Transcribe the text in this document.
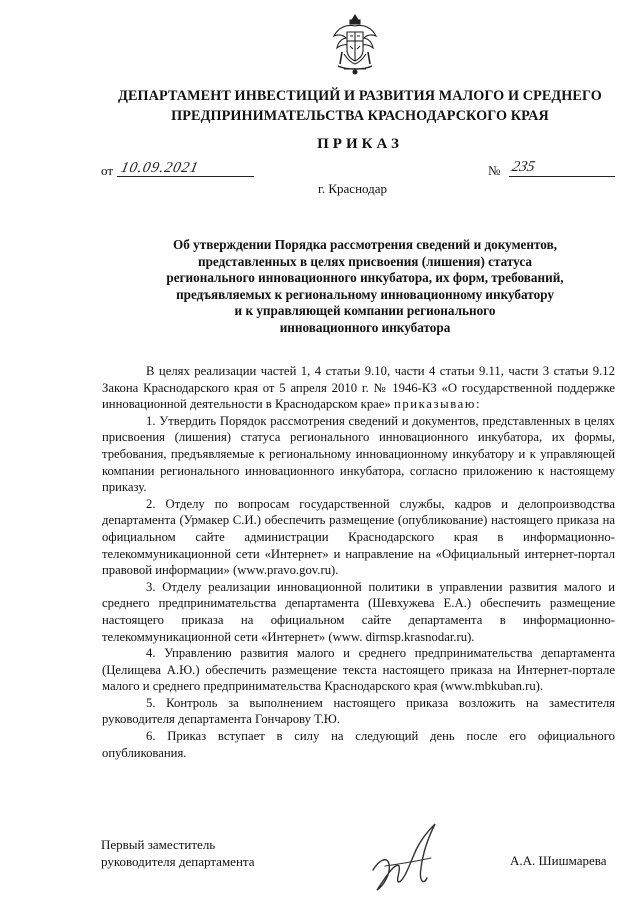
ДЕПАРТАМЕНТ ИНВЕСТИЦИЙ И РАЗВИТИЯ МАЛОГО И СРЕДНЕГО
ПРЕДПРИНИМАТЕЛЬСТВА КРАСНОДАРСКОГО КРАЯ
ПРИКАЗ
от 10.09.2021	№ 235
г. Краснодар
Об утверждении Порядка рассмотрения сведений и документов,
представленных в целях присвоения (лишения) статуса
регионального инновационного инкубатора, их форм, требований,
предъявляемых к региональному инновационному инкубатору
и к управляющей компании регионального
инновационного инкубатора

В целях реализации частей 1, 4 статьи 9.10, части 4 статьи 9.11, части 3 статьи 9.12 Закона Краснодарского края от 5 апреля 2010 г. № 1946-КЗ «О государственной поддержке инновационной деятельности в Краснодарском крае» приказываю:

1. Утвердить Порядок рассмотрения сведений и документов, представленных в целях присвоения (лишения) статуса регионального инновационного инкубатора, их формы, требования, предъявляемые к региональному инновационному инкубатору и к управляющей компании регионального инновационного инкубатора, согласно приложению к настоящему приказу.

2. Отделу по вопросам государственной службы, кадров и делопроизводства департамента (Урмакер С.И.) обеспечить размещение (опубликование) настоящего приказа на официальном сайте администрации Краснодарского края в информационно-телекоммуникационной сети «Интернет» и направление на «Официальный интернет-портал правовой информации» (www.pravo.gov.ru).

3. Отделу реализации инновационной политики в управлении развития малого и среднего предпринимательства департамента (Шевхужева Е.А.) обеспечить размещение настоящего приказа на официальном сайте департамента в информационно-телекоммуникационной сети «Интернет» (www. dirmsp.krasnodar.ru).

4. Управлению развития малого и среднего предпринимательства департамента (Целищева А.Ю.) обеспечить размещение текста настоящего приказа на Интернет-портале малого и среднего предпринимательства Краснодарского края (www.mbkuban.ru).

5. Контроль за выполнением настоящего приказа возложить на заместителя руководителя департамента Гончарову Т.Ю.

6. Приказ вступает в силу на следующий день после его официального опубликования.

Первый заместитель
руководителя департамента	А.А. Шишмарева
